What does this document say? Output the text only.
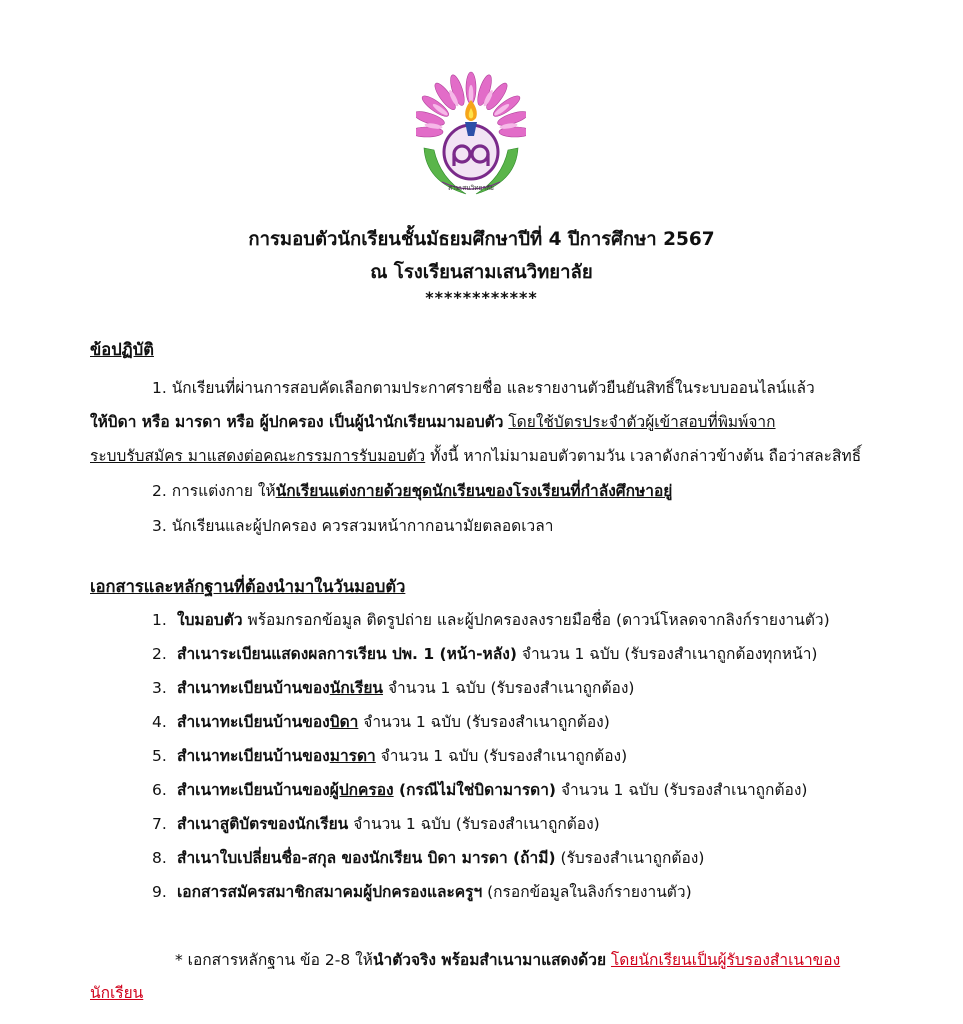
สามเสนวิทยาลัย
การมอบตัวนักเรียนชั้นมัธยมศึกษาปีที่ 4 ปีการศึกษา 2567
ณ โรงเรียนสามเสนวิทยาลัย
************
ข้อปฏิบัติ
1. นักเรียนที่ผ่านการสอบคัดเลือกตามประกาศรายชื่อ และรายงานตัวยืนยันสิทธิ์ในระบบออนไลน์แล้ว
ให้บิดา หรือ มารดา หรือ ผู้ปกครอง เป็นผู้นำนักเรียนมามอบตัว โดยใช้บัตรประจำตัวผู้เข้าสอบที่พิมพ์จาก
ระบบรับสมัคร มาแสดงต่อคณะกรรมการรับมอบตัว ทั้งนี้ หากไม่มามอบตัวตามวัน เวลาดังกล่าวข้างต้น ถือว่าสละสิทธิ์
2. การแต่งกาย ให้นักเรียนแต่งกายด้วยชุดนักเรียนของโรงเรียนที่กำลังศึกษาอยู่
3. นักเรียนและผู้ปกครอง ควรสวมหน้ากากอนามัยตลอดเวลา
เอกสารและหลักฐานที่ต้องนำมาในวันมอบตัว
1. ใบมอบตัว พร้อมกรอกข้อมูล ติดรูปถ่าย และผู้ปกครองลงรายมือชื่อ (ดาวน์โหลดจากลิงก์รายงานตัว)
2. สำเนาระเบียนแสดงผลการเรียน ปพ. 1 (หน้า-หลัง) จำนวน 1 ฉบับ (รับรองสำเนาถูกต้องทุกหน้า)
3. สำเนาทะเบียนบ้านของนักเรียน จำนวน 1 ฉบับ (รับรองสำเนาถูกต้อง)
4. สำเนาทะเบียนบ้านของบิดา จำนวน 1 ฉบับ (รับรองสำเนาถูกต้อง)
5. สำเนาทะเบียนบ้านของมารดา จำนวน 1 ฉบับ (รับรองสำเนาถูกต้อง)
6. สำเนาทะเบียนบ้านของผู้ปกครอง (กรณีไม่ใช่บิดามารดา) จำนวน 1 ฉบับ (รับรองสำเนาถูกต้อง)
7. สำเนาสูติบัตรของนักเรียน จำนวน 1 ฉบับ (รับรองสำเนาถูกต้อง)
8. สำเนาใบเปลี่ยนชื่อ-สกุล ของนักเรียน บิดา มารดา (ถ้ามี) (รับรองสำเนาถูกต้อง)
9. เอกสารสมัครสมาชิกสมาคมผู้ปกครองและครูฯ (กรอกข้อมูลในลิงก์รายงานตัว)
* เอกสารหลักฐาน ข้อ 2-8 ให้นำตัวจริง พร้อมสำเนามาแสดงด้วย โดยนักเรียนเป็นผู้รับรองสำเนาของนักเรียน
